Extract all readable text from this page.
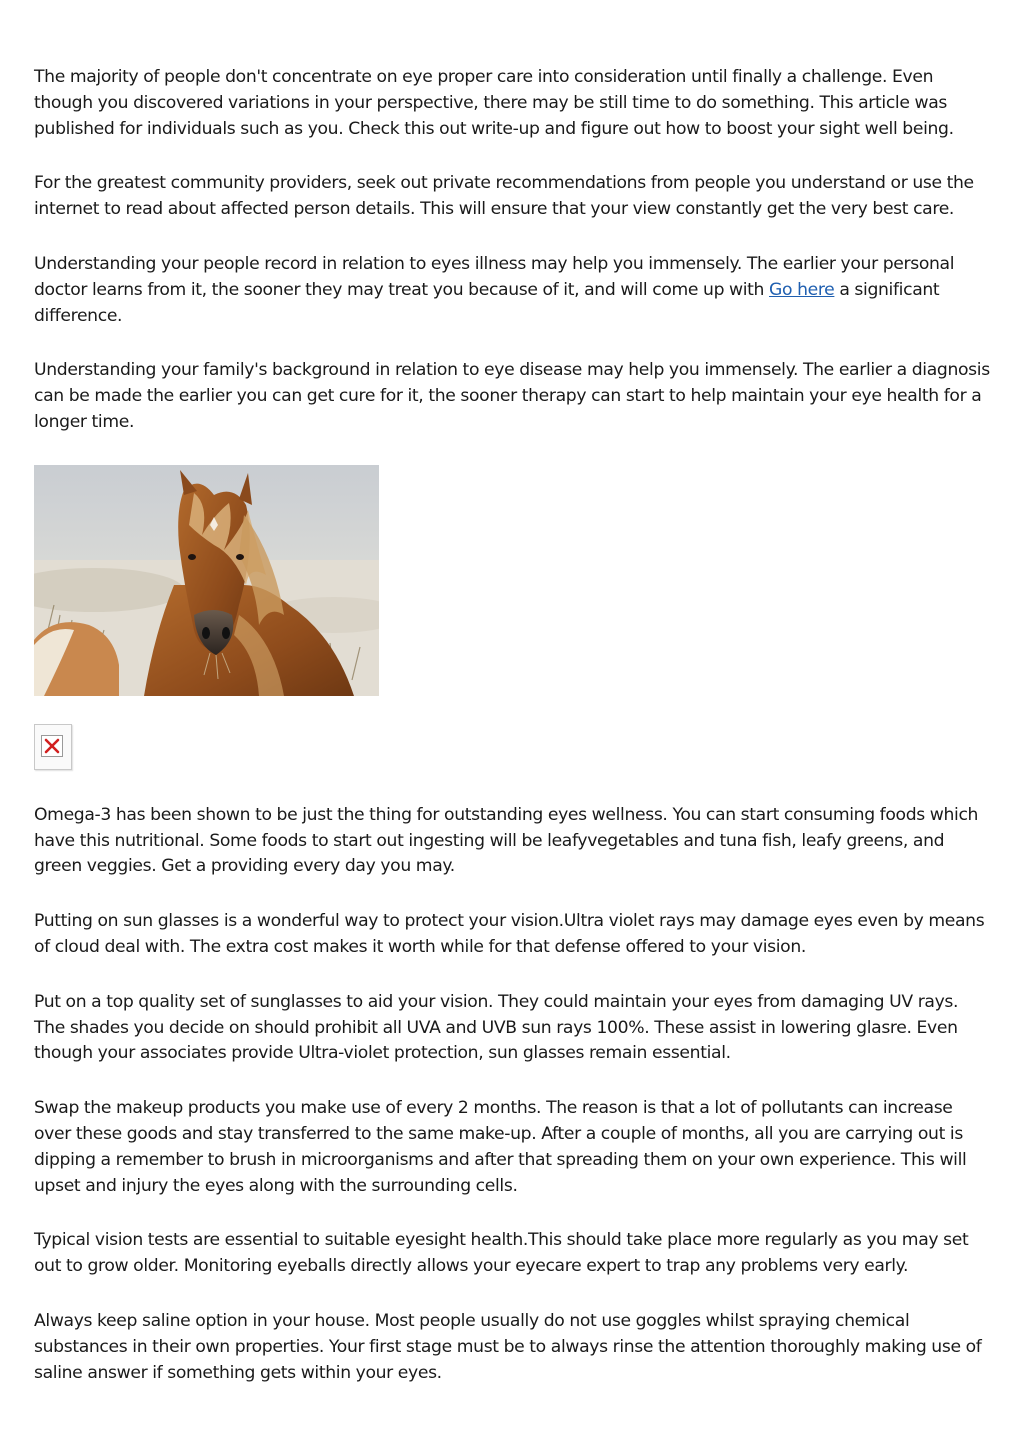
The majority of people don't concentrate on eye proper care into consideration until finally a challenge. Even though you discovered variations in your perspective, there may be still time to do something. This article was published for individuals such as you. Check this out write-up and figure out how to boost your sight well being.

For the greatest community providers, seek out private recommendations from people you understand or use the internet to read about affected person details. This will ensure that your view constantly get the very best care.

Understanding your people record in relation to eyes illness may help you immensely. The earlier your personal doctor learns from it, the sooner they may treat you because of it, and will come up with Go here a significant difference.

Understanding your family's background in relation to eye disease may help you immensely. The earlier a diagnosis can be made the earlier you can get cure for it, the sooner therapy can start to help maintain your eye health for a longer time.

Omega-3 has been shown to be just the thing for outstanding eyes wellness. You can start consuming foods which have this nutritional. Some foods to start out ingesting will be leafyvegetables and tuna fish, leafy greens, and green veggies. Get a providing every day you may.

Putting on sun glasses is a wonderful way to protect your vision.Ultra violet rays may damage eyes even by means of cloud deal with. The extra cost makes it worth while for that defense offered to your vision.

Put on a top quality set of sunglasses to aid your vision. They could maintain your eyes from damaging UV rays. The shades you decide on should prohibit all UVA and UVB sun rays 100%. These assist in lowering glasre. Even though your associates provide Ultra-violet protection, sun glasses remain essential.

Swap the makeup products you make use of every 2 months. The reason is that a lot of pollutants can increase over these goods and stay transferred to the same make-up. After a couple of months, all you are carrying out is dipping a remember to brush in microorganisms and after that spreading them on your own experience. This will upset and injury the eyes along with the surrounding cells.

Typical vision tests are essential to suitable eyesight health.This should take place more regularly as you may set out to grow older. Monitoring eyeballs directly allows your eyecare expert to trap any problems very early.

Always keep saline option in your house. Most people usually do not use goggles whilst spraying chemical substances in their own properties. Your first stage must be to always rinse the attention thoroughly making use of saline answer if something gets within your eyes.
